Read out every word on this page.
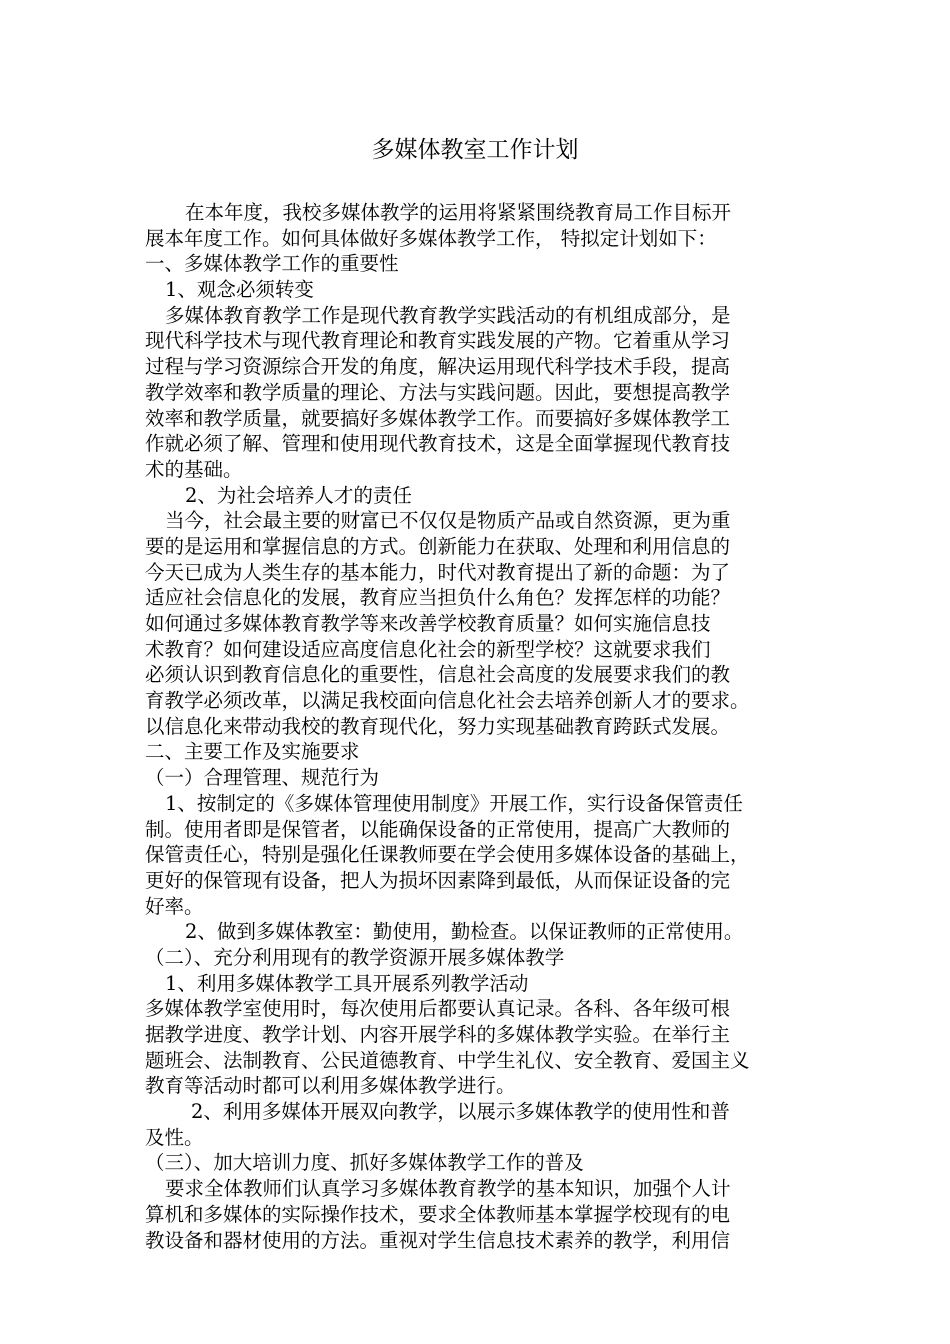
多媒体教室工作计划
在本年度，我校多媒体教学的运用将紧紧围绕教育局工作目标开
展本年度工作。如何具体做好多媒体教学工作， 特拟定计划如下：
一、多媒体教学工作的重要性
1、观念必须转变
多媒体教育教学工作是现代教育教学实践活动的有机组成部分，是
现代科学技术与现代教育理论和教育实践发展的产物。它着重从学习
过程与学习资源综合开发的角度，解决运用现代科学技术手段，提高
教学效率和教学质量的理论、方法与实践问题。因此，要想提高教学
效率和教学质量，就要搞好多媒体教学工作。而要搞好多媒体教学工
作就必须了解、管理和使用现代教育技术，这是全面掌握现代教育技
术的基础。
2、为社会培养人才的责任
当今，社会最主要的财富已不仅仅是物质产品或自然资源，更为重
要的是运用和掌握信息的方式。创新能力在获取、处理和利用信息的
今天已成为人类生存的基本能力，时代对教育提出了新的命题：为了
适应社会信息化的发展，教育应当担负什么角色？发挥怎样的功能？
如何通过多媒体教育教学等来改善学校教育质量？如何实施信息技
术教育？如何建设适应高度信息化社会的新型学校？这就要求我们
必须认识到教育信息化的重要性，信息社会高度的发展要求我们的教
育教学必须改革，以满足我校面向信息化社会去培养创新人才的要求。
以信息化来带动我校的教育现代化，努力实现基础教育跨跃式发展。
二、主要工作及实施要求
（一）合理管理、规范行为
1、按制定的《多媒体管理使用制度》开展工作，实行设备保管责任
制。使用者即是保管者，以能确保设备的正常使用，提高广大教师的
保管责任心，特别是强化任课教师要在学会使用多媒体设备的基础上，
更好的保管现有设备，把人为损坏因素降到最低，从而保证设备的完
好率。
2、做到多媒体教室：勤使用，勤检查。以保证教师的正常使用。
（二）、充分利用现有的教学资源开展多媒体教学
1、利用多媒体教学工具开展系列教学活动
多媒体教学室使用时，每次使用后都要认真记录。各科、各年级可根
据教学进度、教学计划、内容开展学科的多媒体教学实验。在举行主
题班会、法制教育、公民道德教育、中学生礼仪、安全教育、爱国主义
教育等活动时都可以利用多媒体教学进行。
2、利用多媒体开展双向教学，以展示多媒体教学的使用性和普
及性。
（三）、加大培训力度、抓好多媒体教学工作的普及
要求全体教师们认真学习多媒体教育教学的基本知识，加强个人计
算机和多媒体的实际操作技术，要求全体教师基本掌握学校现有的电
教设备和器材使用的方法。重视对学生信息技术素养的教学，利用信
